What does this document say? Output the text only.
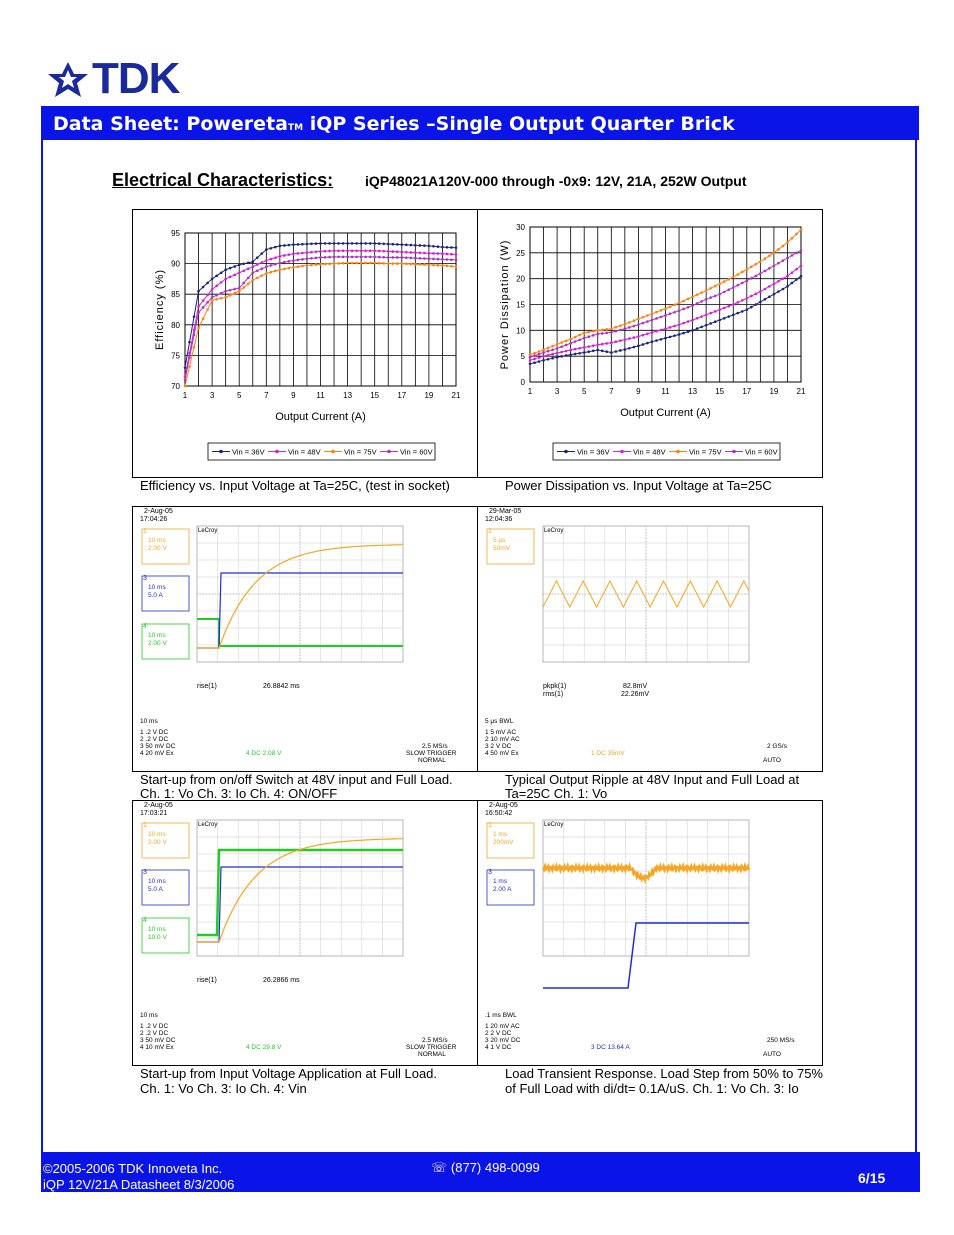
TDK
Data Sheet: PoweretaTM iQP Series –Single Output Quarter Brick
Electrical Characteristics: iQP48021A120V-000 through -0x9: 12V, 21A, 252W Output
70
75
80
85
90
95
1	3	5	7	9	11 13 15 17 19 21
Output Current (A)
Efficiency (%)
Vin = 36V	Vin = 48V	Vin = 75V	Vin = 60V
0
5
10
15
20
25
30
1	3	5	7	9	11 13 15 17 19 21
Output Current (A)
Power Dissipation (W)
Vin = 36V	Vin = 48V	Vin = 75V	Vin = 60V
Efficiency vs. Input Voltage at Ta=25C, (test in socket)	Power Dissipation vs. Input Voltage at Ta=25C
2-Aug-05
17:04:26
LeCroy
1
10 ms
2.00 V
3
10 ms
5.0 A
4
10 ms
2.00 V
rise(1)	26.8842 ms
10 ms
1 .2 V DC
2 .2 V DC
3 50 mV DC
4 20 mV Ex	4 DC 2.08 V
2.5 MS/s
SLOW TRIGGER
NORMAL
29-Mar-05
12:04:36
LeCroy
1
5 μs
50mV
pkpk(1)	82.8mV
rms(1)	22.26mV
5 μs BWL
1 5 mV AC
2 10 mV AC
3 2 V DC
4 50 mV Ex	1 DC 35mV
2 GS/s
AUTO
2-Aug-05
17:03:21
LeCroy
1
10 ms
2.00 V
3
10 ms
5.0 A
4
10 ms
10.0 V
rise(1)	26.2866 ms
10 ms
1 .2 V DC
2 .2 V DC
3 50 mV DC
4 10 mV Ex	4 DC 29.8 V
2.5 MS/s
SLOW TRIGGER
NORMAL
2-Aug-05
16:50:42
LeCroy
1
1 ms
200mV
3
1 ms
2.00 A
.1 ms BWL
1 20 mV AC
2 2 V DC
3 20 mV DC
4 1 V DC	3 DC 13.64 A
250 MS/s
AUTO
Start-up from on/off Switch at 48V input and Full Load.
Ch. 1: Vo Ch. 3: Io Ch. 4: ON/OFF
Typical Output Ripple at 48V Input and Full Load at
Ta=25C Ch. 1: Vo
Start-up from Input Voltage Application at Full Load.
Ch. 1: Vo Ch. 3: Io Ch. 4: Vin
Load Transient Response. Load Step from 50% to 75%
of Full Load with di/dt= 0.1A/uS. Ch. 1: Vo Ch. 3: Io
©2005-2006 TDK Innoveta Inc.
iQP 12V/21A Datasheet 8/3/2006
☏ (877) 498-0099
6/15
